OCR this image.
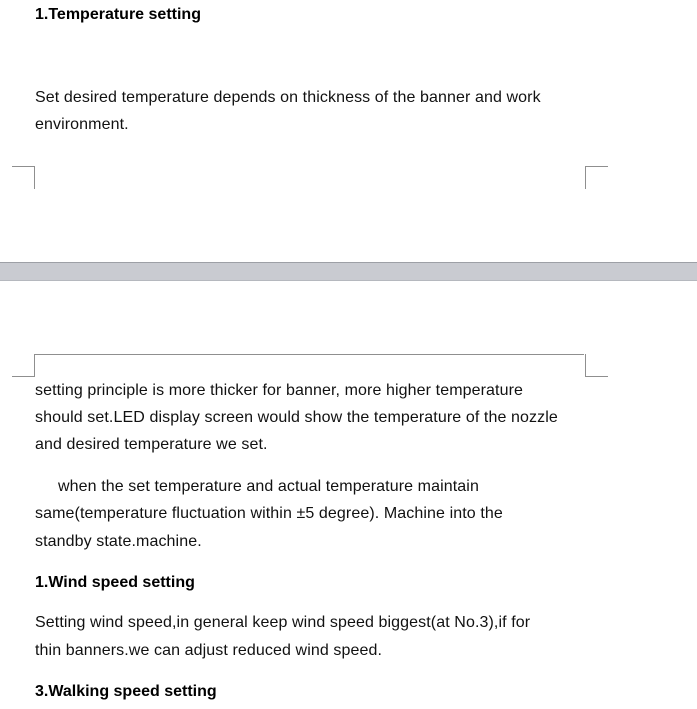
1.Temperature setting
Set desired temperature depends on thickness of the banner and work
environment.
setting principle is more thicker for banner, more higher temperature
should set.LED display screen would show the temperature of the nozzle
and desired temperature we set.
when the set temperature and actual temperature maintain
same(temperature fluctuation within ±5 degree). Machine into the
standby state.machine.
1.Wind speed setting
Setting wind speed,in general keep wind speed biggest(at No.3),if for
thin banners.we can adjust reduced wind speed.
3.Walking speed setting
